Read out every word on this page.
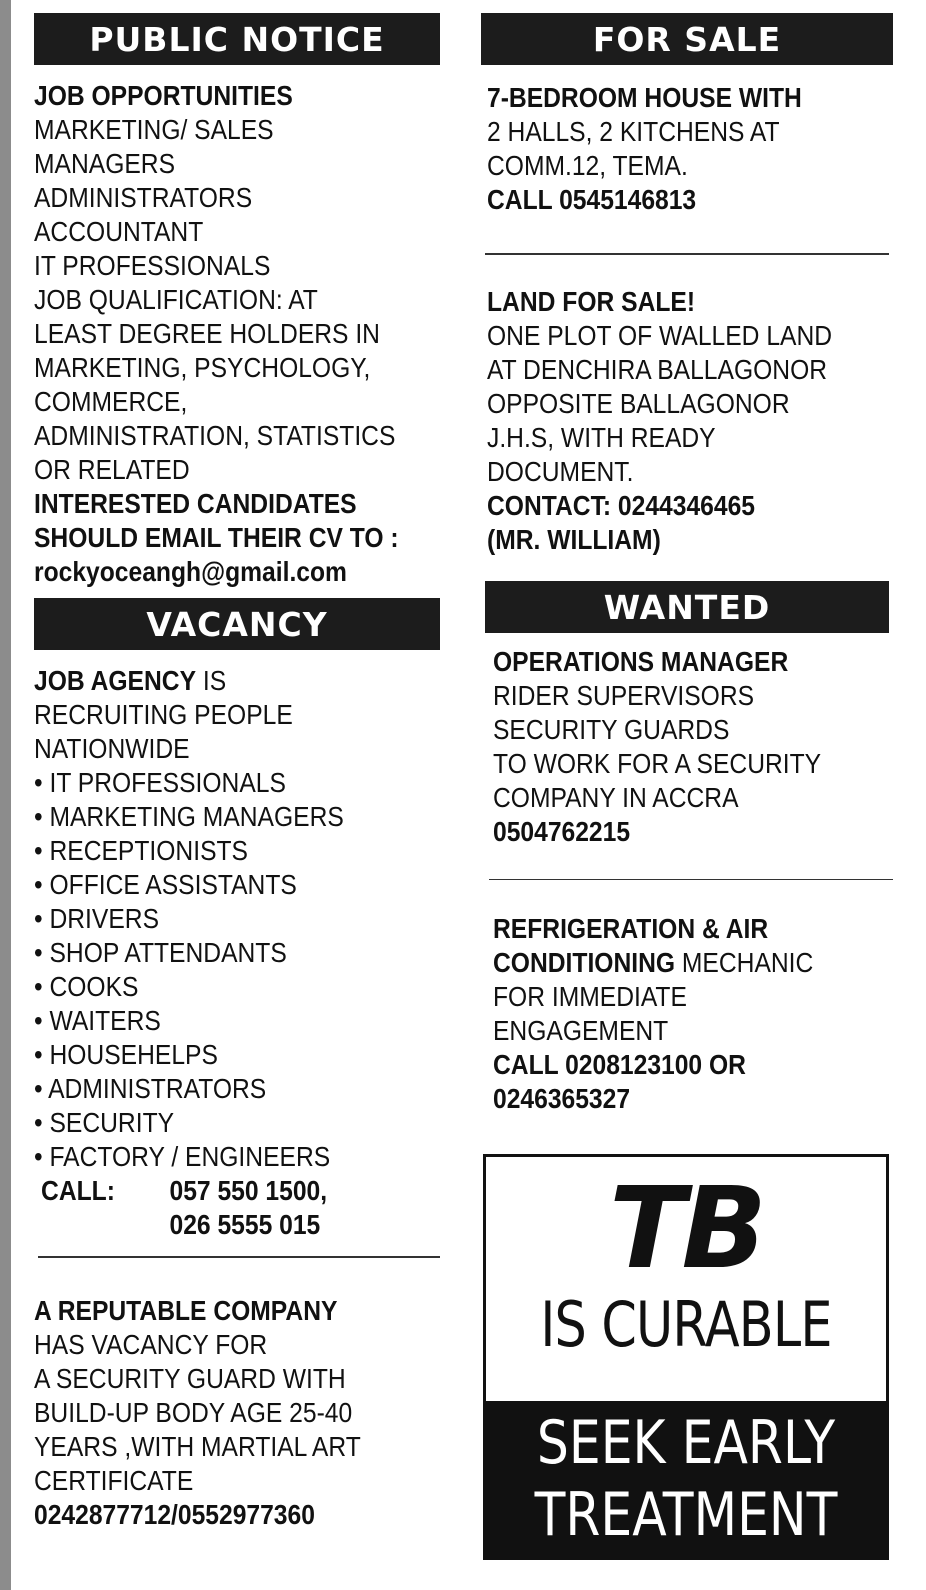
PUBLIC NOTICE
JOB OPPORTUNITIES
MARKETING/ SALES
MANAGERS
ADMINISTRATORS
ACCOUNTANT
IT PROFESSIONALS
JOB QUALIFICATION: AT
LEAST DEGREE HOLDERS IN
MARKETING, PSYCHOLOGY,
COMMERCE,
ADMINISTRATION, STATISTICS
OR RELATED
INTERESTED CANDIDATES
SHOULD EMAIL THEIR CV TO :
rockyoceangh@gmail.com
VACANCY
JOB AGENCY IS
RECRUITING PEOPLE
NATIONWIDE
• IT PROFESSIONALS
• MARKETING MANAGERS
• RECEPTIONISTS
• OFFICE ASSISTANTS
• DRIVERS
• SHOP ATTENDANTS
• COOKS
• WAITERS
• HOUSEHELPS
• ADMINISTRATORS
• SECURITY
• FACTORY / ENGINEERS
CALL:	057 550 1500,
026 5555 015
A REPUTABLE COMPANY
HAS VACANCY FOR
A SECURITY GUARD WITH
BUILD-UP BODY AGE 25-40
YEARS ,WITH MARTIAL ART
CERTIFICATE
0242877712/0552977360
FOR SALE
7-BEDROOM HOUSE WITH
2 HALLS, 2 KITCHENS AT
COMM.12, TEMA.
CALL 0545146813
LAND FOR SALE!
ONE PLOT OF WALLED LAND
AT DENCHIRA BALLAGONOR
OPPOSITE BALLAGONOR
J.H.S, WITH READY
DOCUMENT.
CONTACT: 0244346465
(MR. WILLIAM)
WANTED
OPERATIONS MANAGER
RIDER SUPERVISORS
SECURITY GUARDS
TO WORK FOR A SECURITY
COMPANY IN ACCRA
0504762215
REFRIGERATION & AIR
CONDITIONING MECHANIC
FOR IMMEDIATE
ENGAGEMENT
CALL 0208123100 OR
0246365327
TB
IS CURABLE
SEEK EARLY
TREATMENT
